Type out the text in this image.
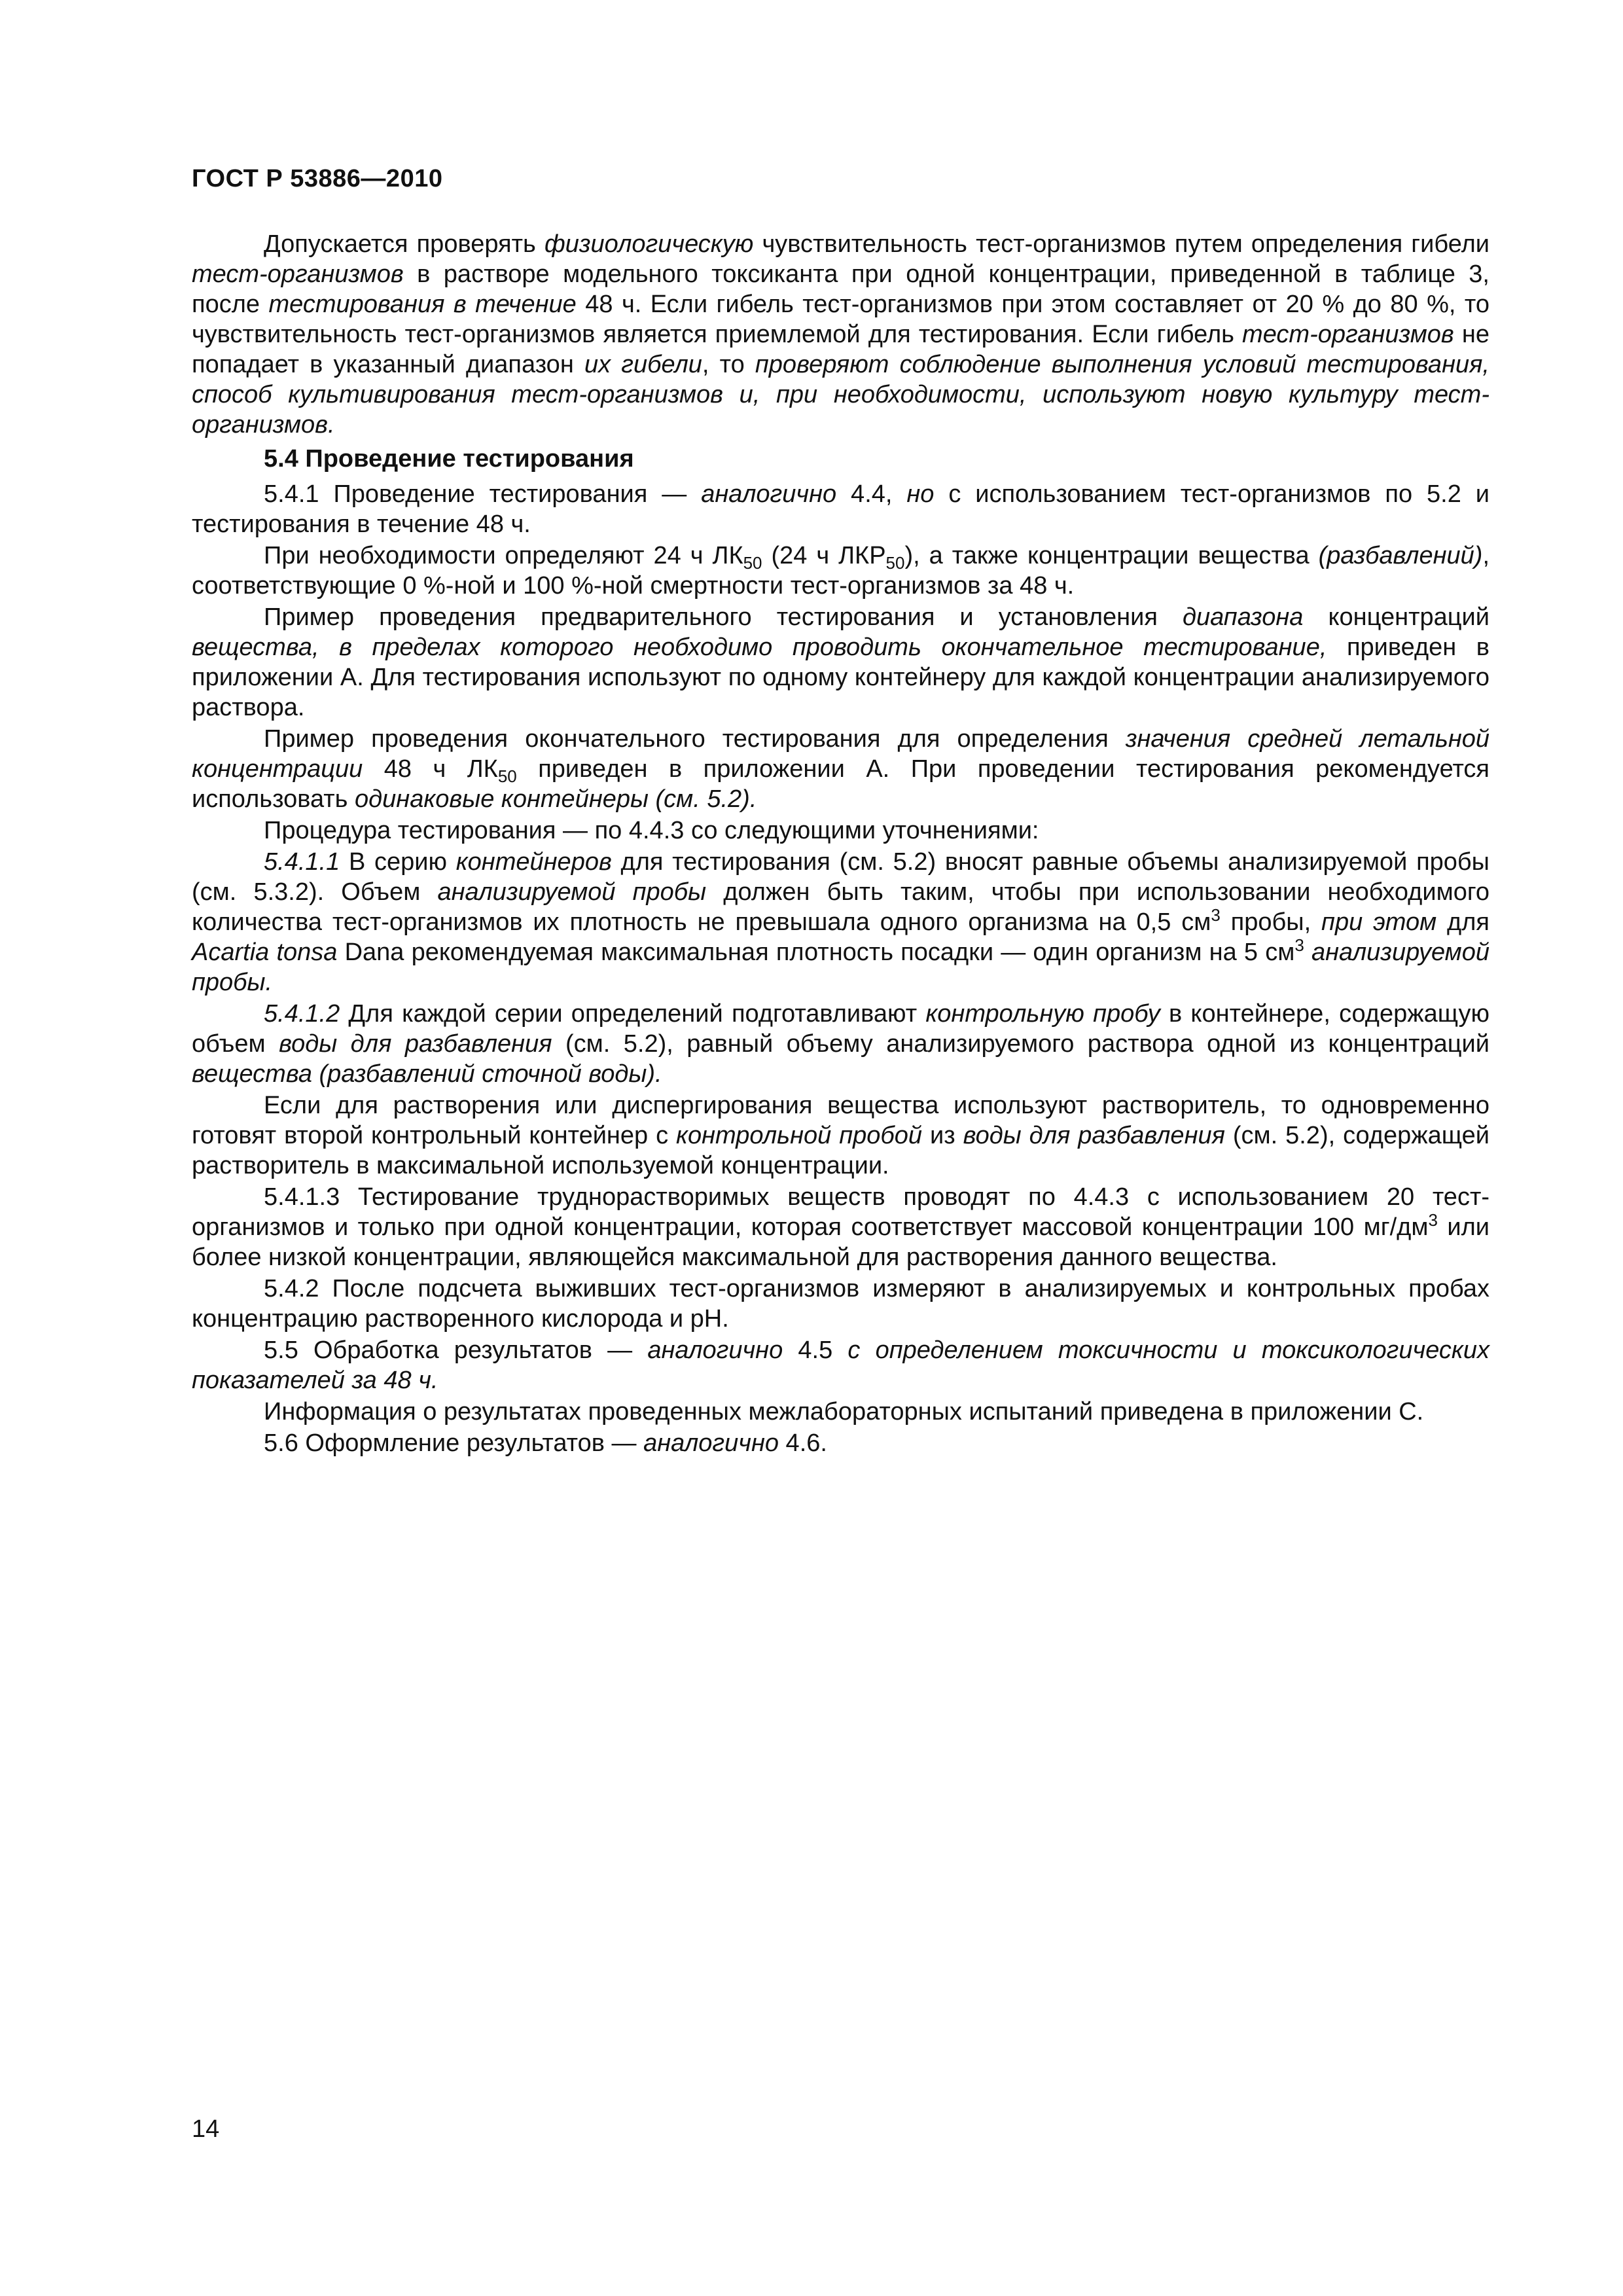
ГОСТ Р 53886—2010

Допускается проверять физиологическую чувствительность тест-организмов путем определения гибели тест-организмов в растворе модельного токсиканта при одной концентрации, приведенной в таблице 3, после тестирования в течение 48 ч. Если гибель тест-организмов при этом составляет от 20 % до 80 %, то чувствительность тест-организмов является приемлемой для тестирования. Если гибель тест-организмов не попадает в указанный диапазон их гибели, то проверяют соблюдение выполнения условий тестирования, способ культивирования тест-организмов и, при необходимости, используют новую культуру тест-организмов.

5.4 Проведение тестирования

5.4.1 Проведение тестирования — аналогично 4.4, но с использованием тест-организмов по 5.2 и тестирования в течение 48 ч.

При необходимости определяют 24 ч $ЛК_{50}$ (24 ч $ЛКР_{50}$), а также концентрации вещества (разбавлений), соответствующие 0 %-ной и 100 %-ной смертности тест-организмов за 48 ч.

Пример проведения предварительного тестирования и установления диапазона концентраций вещества, в пределах которого необходимо проводить окончательное тестирование, приведен в приложении А. Для тестирования используют по одному контейнеру для каждой концентрации анализируемого раствора.

Пример проведения окончательного тестирования для определения значения средней летальной концентрации 48 ч $ЛК_{50}$ приведен в приложении А. При проведении тестирования рекомендуется использовать одинаковые контейнеры (см. 5.2).

Процедура тестирования — по 4.4.3 со следующими уточнениями:

5.4.1.1 В серию контейнеров для тестирования (см. 5.2) вносят равные объемы анализируемой пробы (см. 5.3.2). Объем анализируемой пробы должен быть таким, чтобы при использовании необходимого количества тест-организмов их плотность не превышала одного организма на 0,5 $см^3$ пробы, при этом для Acartia tonsa Dana рекомендуемая максимальная плотность посадки — один организм на 5 $см^3$ анализируемой пробы.

5.4.1.2 Для каждой серии определений подготавливают контрольную пробу в контейнере, содержащую объем воды для разбавления (см. 5.2), равный объему анализируемого раствора одной из концентраций вещества (разбавлений сточной воды).

Если для растворения или диспергирования вещества используют растворитель, то одновременно готовят второй контрольный контейнер с контрольной пробой из воды для разбавления (см. 5.2), содержащей растворитель в максимальной используемой концентрации.

5.4.1.3 Тестирование труднорастворимых веществ проводят по 4.4.3 с использованием 20 тест-организмов и только при одной концентрации, которая соответствует массовой концентрации 100 $мг/дм^3$ или более низкой концентрации, являющейся максимальной для растворения данного вещества.

5.4.2 После подсчета выживших тест-организмов измеряют в анализируемых и контрольных пробах концентрацию растворенного кислорода и pH.

5.5 Обработка результатов — аналогично 4.5 с определением токсичности и токсикологических показателей за 48 ч.

Информация о результатах проведенных межлабораторных испытаний приведена в приложении С.

5.6 Оформление результатов — аналогично 4.6.

14
